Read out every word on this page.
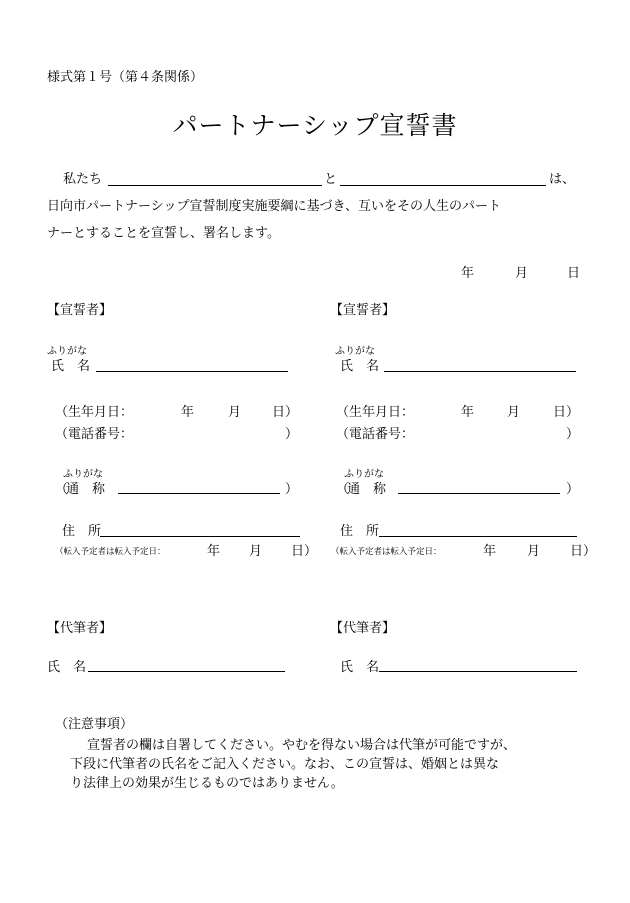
様式第１号（第４条関係）
パートナーシップ宣誓書
私たち	と	は、
日向市パートナーシップ宣誓制度実施要綱に基づき、互いをその人生のパート
ナーとすることを宣誓し、署名します。
年	月	日
【宣誓者】
ふりがな
氏　名
（生年月日：	年	月 日 ）
（電話番号：	）
ふりがな
（
通　称	）
住　所
（転入予定者は転入予定日：	年 月 日 ）
【宣誓者】
ふりがな
氏　名
（生年月日：	年	月	日 ）
（電話番号：	）
ふりがな
（
通　称	）
住　所
（転入予定者は転入予定日：	年 月 日 ）
【代筆者】
氏　名
【代筆者】
氏　名
（注意事項）
宣誓者の欄は自署してください。やむを得ない場合は代筆が可能ですが、
下段に代筆者の氏名をご記入ください。なお、この宣誓は、婚姻とは異な
り法律上の効果が生じるものではありません。
